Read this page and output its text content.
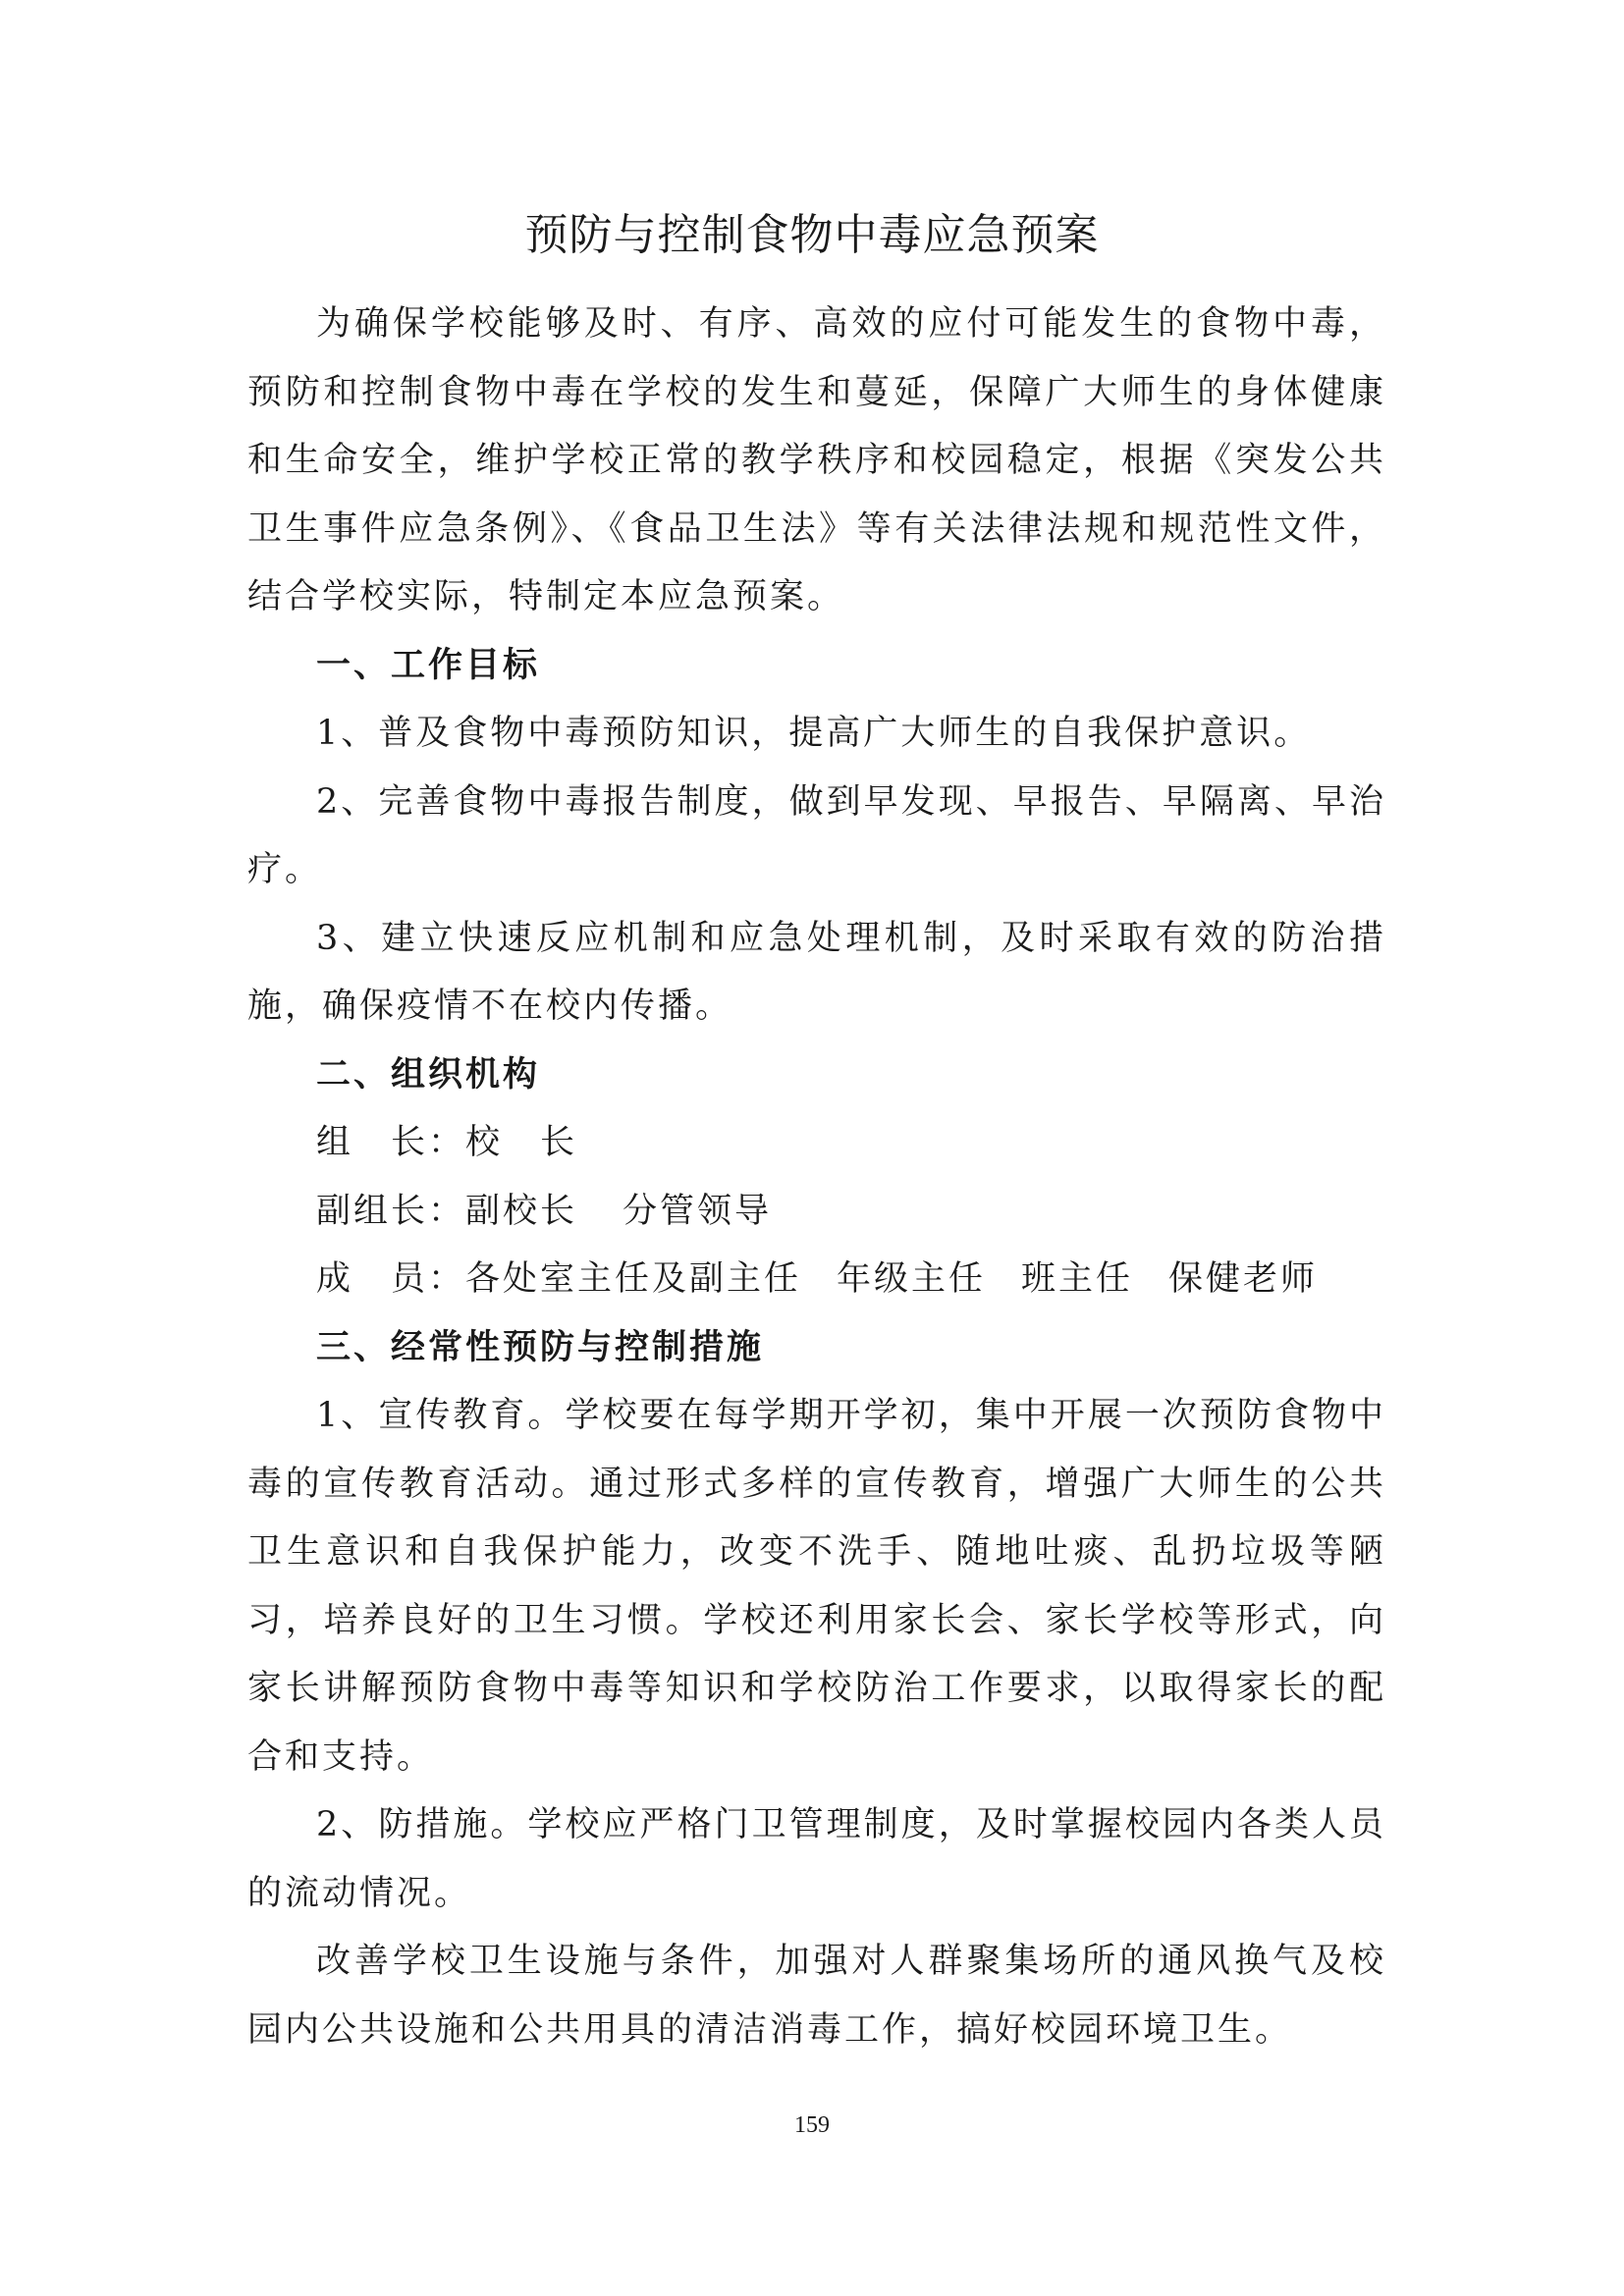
预防与控制食物中毒应急预案

为确保学校能够及时、有序、高效的应付可能发生的食物中毒，预防和控制食物中毒在学校的发生和蔓延，保障广大师生的身体健康和生命安全，维护学校正常的教学秩序和校园稳定，根据《突发公共卫生事件应急条例》、《食品卫生法》等有关法律法规和规范性文件，结合学校实际，特制定本应急预案。

一、工作目标

1、普及食物中毒预防知识，提高广大师生的自我保护意识。

2、完善食物中毒报告制度，做到早发现、早报告、早隔离、早治疗。

3、建立快速反应机制和应急处理机制，及时采取有效的防治措施，确保疫情不在校内传播。

二、组织机构

组　长：校　长

副组长：副校长 分管领导

成　员：各处室主任及副主任 年级主任 班主任 保健老师

三、经常性预防与控制措施

1、宣传教育。学校要在每学期开学初，集中开展一次预防食物中毒的宣传教育活动。通过形式多样的宣传教育，增强广大师生的公共卫生意识和自我保护能力，改变不洗手、随地吐痰、乱扔垃圾等陋习，培养良好的卫生习惯。学校还利用家长会、家长学校等形式，向家长讲解预防食物中毒等知识和学校防治工作要求，以取得家长的配合和支持。

2、防措施。学校应严格门卫管理制度，及时掌握校园内各类人员的流动情况。

改善学校卫生设施与条件，加强对人群聚集场所的通风换气及校园内公共设施和公共用具的清洁消毒工作，搞好校园环境卫生。

159
